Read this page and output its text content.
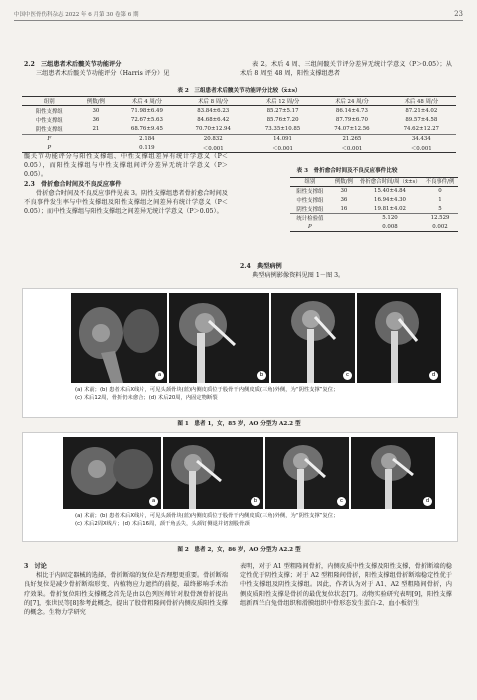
中国中医骨伤科杂志 2022 年 6 月第 30 卷第 6 期	23
2.2　三组患者术后髋关节功能评分
三组患者术后髋关节功能评分（Harris 评分）见
表 2。术后 4 周、三组间髋关节评分差异无统计学意义（P＞0.05）；从术后 8 周至 48 周，阳性支撑组患者
表 2　三组患者术后髋关节功能评分比较（x̄±s）
组别	例数/例	术后 4 周/分	术后 8 周/分	术后 12 周/分	术后 24 周/分	术后 48 周/分
阳性支撑组	30	71.98±6.49	83.84±6.23	85.27±5.17	86.14±4.73	87.21±4.02
中性支撑组	36	72.67±5.63	84.68±6.42	85.76±7.20	87.79±6.70	89.57±4.58
阴性支撑组	21	68.76±9.45	70.70±12.94	73.35±10.85	74.07±12.56	74.62±12.27
F		2.184	20.832	14.091	21.265	34.434
P		0.119	＜0.001	＜0.001	＜0.001	＜0.001
髋关节功能评分与阳性支撑组、中性支撑组差异有统计学意义（P＜0.05），而阳性支撑组与中性支撑组间评分差异无统计学意义（P＞0.05）。
2.3　骨折愈合时间及不良反应事件
骨折愈合时间及不良反应事件见表 3。阴性支撑组患者骨折愈合时间及不良事件发生率与中性支撑组及阳性支撑组之间差异有统计学意义（P＜0.05）；而中性支撑组与阳性支撑组之间差异无统计学意义（P＞0.05）。
表 3　骨折愈合时间及不良反应事件比较
组别	例数/例	骨折愈合时间/周（x̄±s）	不良事件/例
阳性支撑组	30	15.40±4.84	0
中性支撑组	36	16.94±4.30	1
阴性支撑组	16	19.81±4.02	5
统计检验值		5.120	12.529
P		0.008	0.002
2.4　典型病例
典型病例影像资料见图 1－图 3。
a	b	c	d
(a) 术前；(b) 患者术后X线片，可见头颈骨块(蓝)内侧皮质位于股骨干内侧皮质(三角)外侧，为“阴性支撑”复位；
(c) 术后12周，骨折仍未愈合；(d) 术后20周，内固定物断裂
图 1　患者 1，女，85 岁，AO 分型为 A2.2 型
a	b	c	d
(a) 术前；(b) 患者术后X线片，可见头颈骨块(蓝)内侧皮质位于股骨干内侧皮质(三角)外侧，为“阴性支撑”复位；
(c) 术后2周X线片；(d) 术后16周，颈干角丢失，头颈钉侧退并切割股骨颈
图 2　患者 2，女，86 岁，AO 分型为 A2.2 型
3　讨论
相比于内固定器械的选择，骨折断端的复位是否理想更重要。骨折断端良好复位是减少骨折断端形变、内植物应力遮挡的前提，最终影响手术治疗效果。骨折复位阳性支撑概念首先是由以色列医师针对股骨颈骨折提出的[7]，张世民等[8]参考此概念，提出了股骨粗隆间骨折内侧皮质阳性支撑的概念。生物力学研究
表明，对于 A1 型粗隆间骨折，内侧皮质中性支撑及阳性支撑，骨折断端的稳定性优于阴性支撑；对于 A2 型粗隆间骨折，阳性支撑组骨折断端稳定性优于中性支撑组及阴性支撑组。因此，作者认为对于 A1、A2 型粗隆间骨折，内侧皮质阳性支撑是骨折的最优复位状态[7]。动物实验研究表明[9]，阳性支撑组新西兰白兔骨组织和滑膜组织中骨形态发生蛋白-2、血小板衍生
